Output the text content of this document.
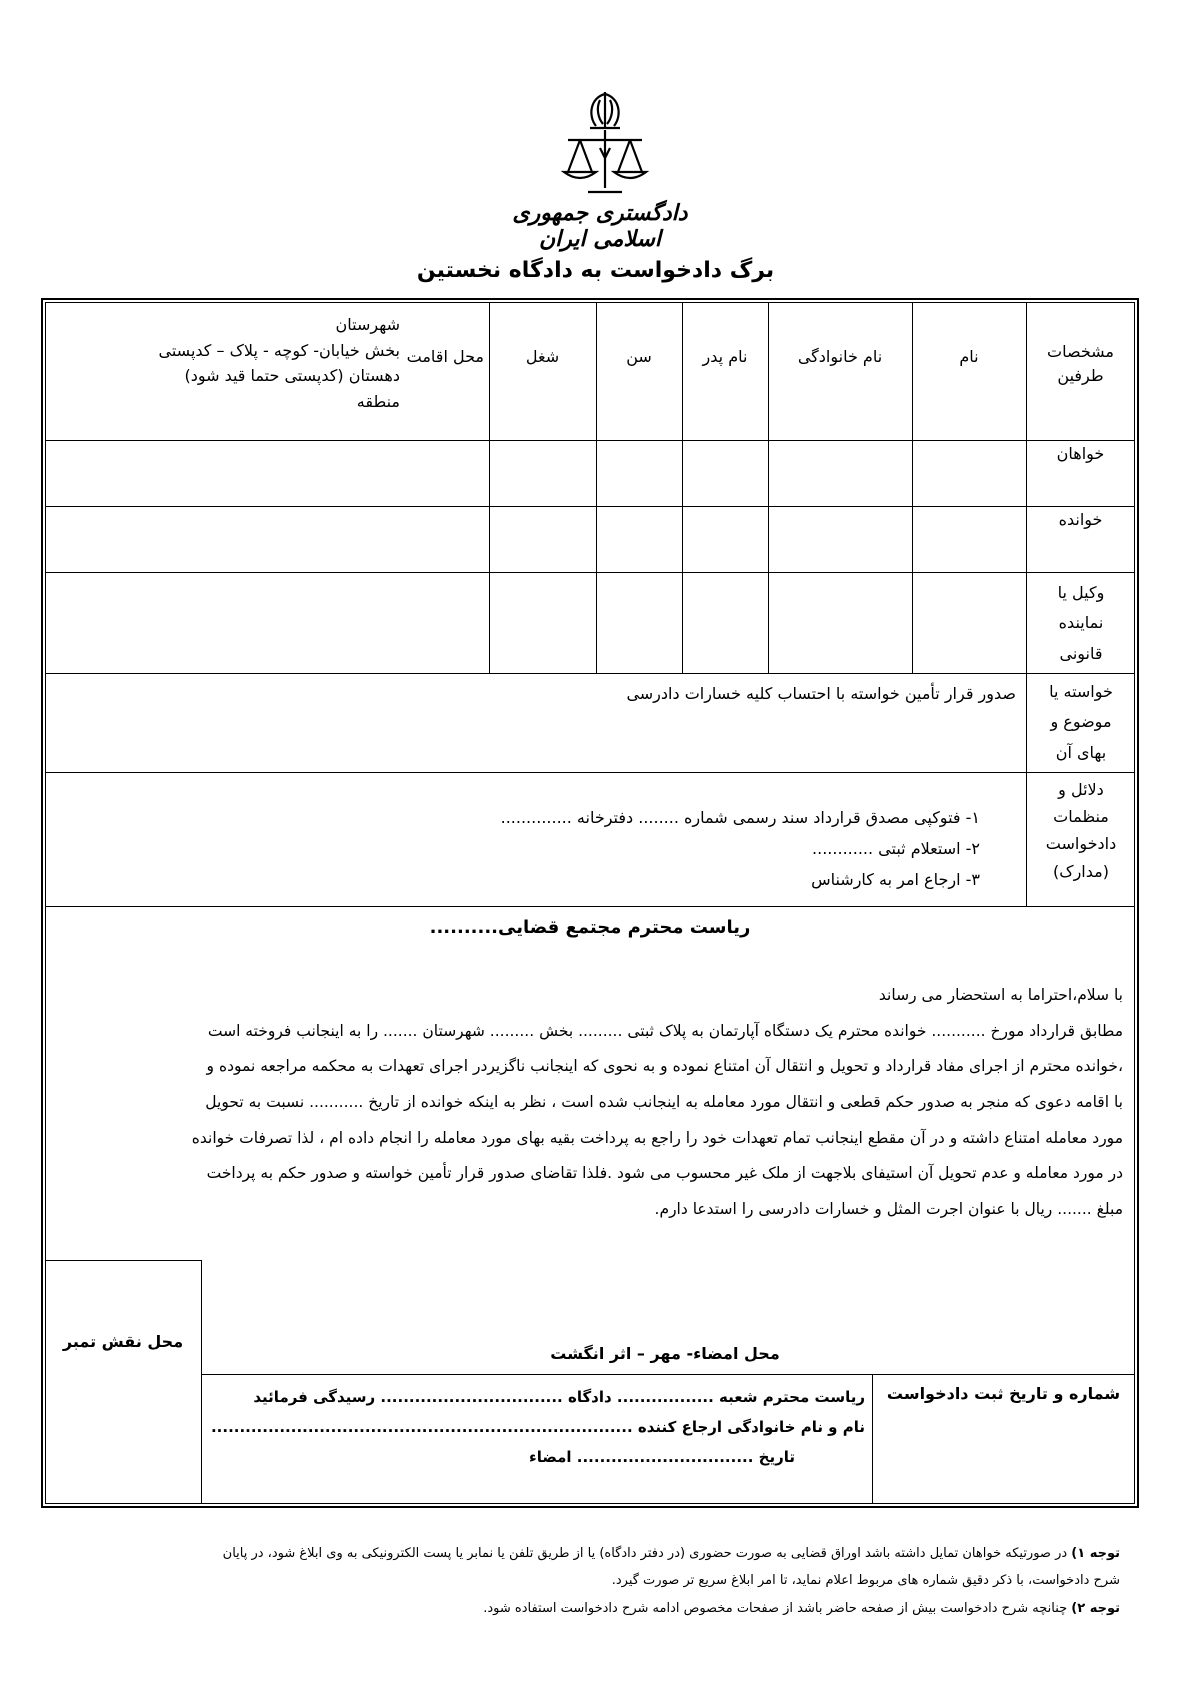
دادگستری جمهوری اسلامی ایران
برگ دادخواست به دادگاه نخستین
مشخصات طرفین
نام
نام خانوادگی
نام پدر
سن
شغل
محل اقامت
شهرستان
بخش خیابان- کوچه - پلاک – کدپستی
دهستان (کدپستی حتما قید شود)
منطقه
خواهان
خوانده
وکیل یا نماینده قانونی
خواسته یا موضوع و بهای آن
صدور قرار تأمین خواسته با احتساب کلیه خسارات دادرسی
دلائل و منظمات دادخواست (مدارک)
۱- فتوکپی مصدق قرارداد سند رسمی شماره ........ دفترخانه ..............
۲- استعلام ثبتی ............
۳- ارجاع امر به کارشناس
ریاست محترم مجتمع قضایی..........

با سلام،احتراما به استحضار می رساند

مطابق قرارداد مورخ ........... خوانده محترم یک دستگاه آپارتمان به پلاک ثبتی ......... بخش ......... شهرستان ....... را به اینجانب فروخته است

،خوانده محترم از اجرای مفاد قرارداد و تحویل و انتقال آن امتناع نموده و به نحوی که اینجانب ناگزیردر اجرای تعهدات به محکمه مراجعه نموده و

با اقامه دعوی که منجر به صدور حکم قطعی و انتقال مورد معامله به اینجانب شده است ، نظر به اینکه خوانده از تاریخ ........... نسبت به تحویل

مورد معامله امتناع داشته و در آن مقطع اینجانب تمام تعهدات خود را راجع به پرداخت بقیه بهای مورد معامله را انجام داده ام ، لذا تصرفات خوانده

در مورد معامله و عدم تحویل آن استیفای بلاجهت از ملک غیر محسوب می شود .فلذا تقاضای صدور قرار تأمین خواسته و صدور حکم به پرداخت

مبلغ ....... ریال با عنوان اجرت المثل و خسارات دادرسی را استدعا دارم.

محل نقش تمبر
محل امضاء- مهر – اثر انگشت
شماره و تاریخ ثبت دادخواست
ریاست محترم شعبه ................. دادگاه ................................ رسیدگی فرمائید
نام و نام خانوادگی ارجاع کننده ..........................................................................
تاریخ ............................... امضاء

توجه ۱) در صورتیکه خواهان تمایل داشته باشد اوراق قضایی به صورت حضوری (در دفتر دادگاه) یا از طریق تلفن یا نمابر یا پست الکترونیکی به وی ابلاغ شود، در پایان

شرح دادخواست، با ذکر دقیق شماره های مربوط اعلام نماید، تا امر ابلاغ سریع تر صورت گیرد.

توجه ۲) چنانچه شرح دادخواست بیش از صفحه حاضر باشد از صفحات مخصوص ادامه شرح دادخواست استفاده شود.
